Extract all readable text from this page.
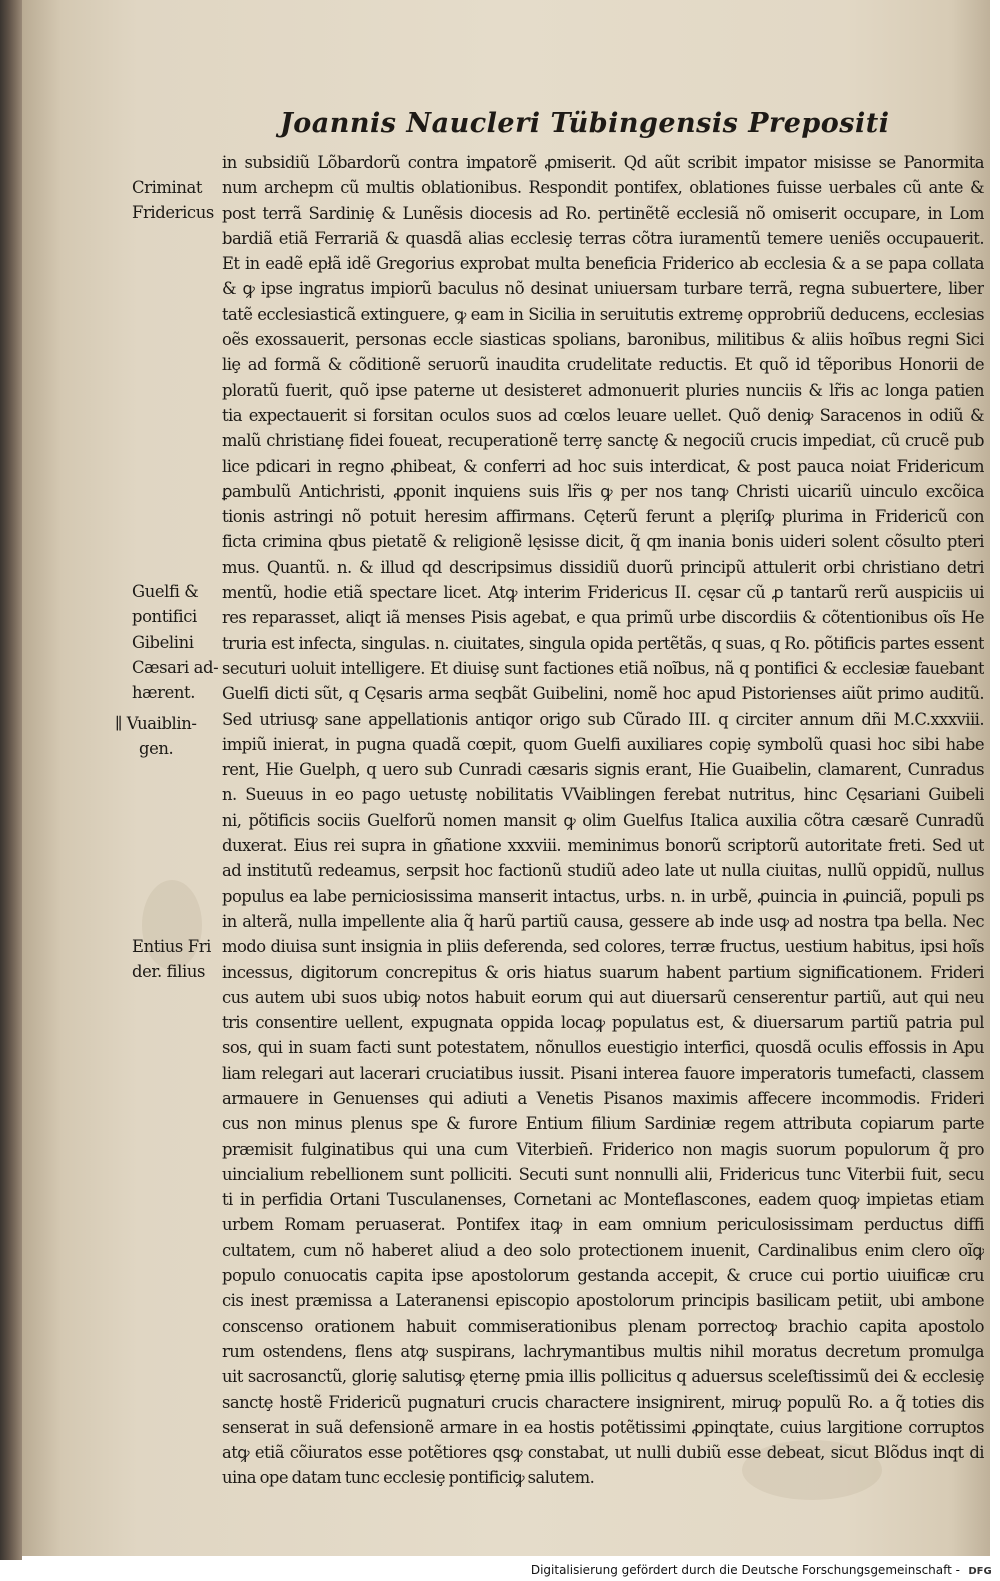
Joannis Naucleri Tübingensis Prepositi
Criminat
Fridericus
Guelfi &
pontifici
Gibelini
Cæsari ad-
hærent.
∥ Vuaiblin-
gen.
Entius Fri
der. filius
in subsidiũ Lõbardorũ contra imꝑatorẽ ꝓmiserit. Qd aũt scribit impator misisse se Panormita
num archepm cũ multis oblationibus. Respondit pontifex, oblationes fuisse uerbales cũ ante &
post terrã Sardiniȩ & Lunẽsis diocesis ad Ro. pertinẽtẽ ecclesiã nõ omiserit occupare, in Lom
bardiã etiã Ferrariã & quasdã alias ecclesiȩ terras cõtra iuramentũ temere ueniẽs occupauerit.
Et in eadẽ epłã idẽ Gregorius exprobat multa beneficia Friderico ab ecclesia & a se papa collata
& ꝙ ipse ingratus impiorũ baculus nõ desinat uniuersam turbare terrã, regna subuertere, liber
tatẽ ecclesiasticã extinguere, ꝙ eam in Sicilia in seruitutis extremȩ opprobriũ deducens, ecclesias
oẽs exossauerit, personas eccle siasticas spolians, baronibus, militibus & aliis hoĩbus regni Sici
liȩ ad formã & cõditionẽ seruorũ inaudita crudelitate reductis. Et quõ id tẽporibus Honorii de
ploratũ fuerit, quõ ipse paterne ut desisteret admonuerit pluries nunciis & lr̃is ac longa patien
tia expectauerit si forsitan oculos suos ad cœlos leuare uellet. Quõ deniꝙ Saracenos in odiũ &
malũ christianȩ fidei foueat, recuperationẽ terrȩ sanctȩ & negociũ crucis impediat, cũ crucẽ pub
lice pdicari in regno ꝓhibeat, & conferri ad hoc suis interdicat, & post pauca noiat Fridericum
ꝑambulũ Antichristi, ꝓponit inquiens suis lr̃is ꝙ per nos tanꝙ Christi uicariũ uinculo excõica
tionis astringi nõ potuit heresim affirmans. Cęterũ ferunt a plęriſꝙ plurima in Fridericũ con
ficta crimina qbus pietatẽ & religionẽ lęsisse dicit, q̃ qm inania bonis uideri solent cõsulto pteri
mus. Quantũ. n. & illud qd descripsimus dissidiũ duorũ principũ attulerit orbi christiano detri
mentũ, hodie etiã spectare licet. Atꝙ interim Fridericus II. cęsar cũ ꝓ tantarũ rerũ auspiciis ui
res reparasset, aliqt iã menses Pisis agebat, e qua primũ urbe discordiis & cõtentionibus oĩs He
truria est infecta, singulas. n. ciuitates, singula opida pertẽtãs, q suas, q Ro. põtificis partes essent
secuturi uoluit intelligere. Et diuisȩ sunt factiones etiã noĩbus, nã q pontifici & ecclesiæ fauebant
Guelfi dicti sũt, q Cęsaris arma seqbãt Guibelini, nomẽ hoc apud Pistorienses aiũt primo auditũ.
Sed utriusꝙ sane appellationis antiqor origo sub Cũrado III. q circiter annum dñi M.C.xxxviii.
impiũ inierat, in pugna quadã cœpit, quom Guelfi auxiliares copiȩ symbolũ quasi hoc sibi habe
rent, Hie Guelph, q uero sub Cunradi cæsaris signis erant, Hie Guaibelin, clamarent, Cunradus
n. Sueuus in eo pago uetustȩ nobilitatis VVaiblingen ferebat nutritus, hinc Cęsariani Guibeli
ni, põtificis sociis Guelforũ nomen mansit ꝙ olim Guelfus Italica auxilia cõtra cæsarẽ Cunradũ
duxerat. Eius rei supra in gñatione xxxviii. meminimus bonorũ scriptorũ autoritate freti. Sed ut
ad institutũ redeamus, serpsit hoc factionũ studiũ adeo late ut nulla ciuitas, nullũ oppidũ, nullus
populus ea labe perniciosissima manserit intactus, urbs. n. in urbẽ, ꝓuincia in ꝓuinciã, populi ps
in alterã, nulla impellente alia q̃ harũ partiũ causa, gessere ab inde usꝙ ad nostra tpa bella. Nec
modo diuisa sunt insignia in pliis deferenda, sed colores, terræ fructus, uestium habitus, ipsi hoĩs
incessus, digitorum concrepitus & oris hiatus suarum habent partium significationem. Frideri
cus autem ubi suos ubiꝙ notos habuit eorum qui aut diuersarũ censerentur partiũ, aut qui neu
tris consentire uellent, expugnata oppida locaꝙ populatus est, & diuersarum partiũ patria pul
sos, qui in suam facti sunt potestatem, nõnullos euestigio interfici, quosdã oculis effossis in Apu
liam relegari aut lacerari cruciatibus iussit. Pisani interea fauore imperatoris tumefacti, classem
armauere in Genuenses qui adiuti a Venetis Pisanos maximis affecere incommodis. Frideri
cus non minus plenus spe & furore Entium filium Sardiniæ regem attributa copiarum parte
præmisit fulginatibus qui una cum Viterbieñ. Friderico non magis suorum populorum q̃ pro
uincialium rebellionem sunt polliciti. Secuti sunt nonnulli alii, Fridericus tunc Viterbii fuit, secu
ti in perfidia Ortani Tusculanenses, Cornetani ac Monteflascones, eadem quoꝙ impietas etiam
urbem Romam peruaserat. Pontifex itaꝙ in eam omnium periculosissimam perductus diffi
cultatem, cum nõ haberet aliud a deo solo protectionem inuenit, Cardinalibus enim clero oĩꝙ
populo conuocatis capita ipse apostolorum gestanda accepit, & cruce cui portio uiuificæ cru
cis inest præmissa a Lateranensi episcopio apostolorum principis basilicam petiit, ubi ambone
conscenso orationem habuit commiserationibus plenam porrectoꝙ brachio capita apostolo
rum ostendens, flens atꝙ suspirans, lachrymantibus multis nihil moratus decretum promulga
uit sacrosanctũ, gloriȩ salutisꝙ ęternȩ pmia illis pollicitus q aduersus sceleſtissimũ dei & ecclesiȩ
sanctȩ hostẽ Fridericũ pugnaturi crucis charactere insignirent, miruꝙ populũ Ro. a q̃ toties dis
senserat in suã defensionẽ armare in ea hostis potẽtissimi ꝓpinqtate, cuius largitione corruptos
atꝙ etiã cõiuratos esse potẽtiores qsꝙ constabat, ut nulli dubiũ esse debeat, sicut Blõdus inqt di
uina ope datam tunc ecclesiȩ pontificiꝙ salutem.
Digitalisierung gefördert durch die Deutsche Forschungsgemeinschaft - DFG
